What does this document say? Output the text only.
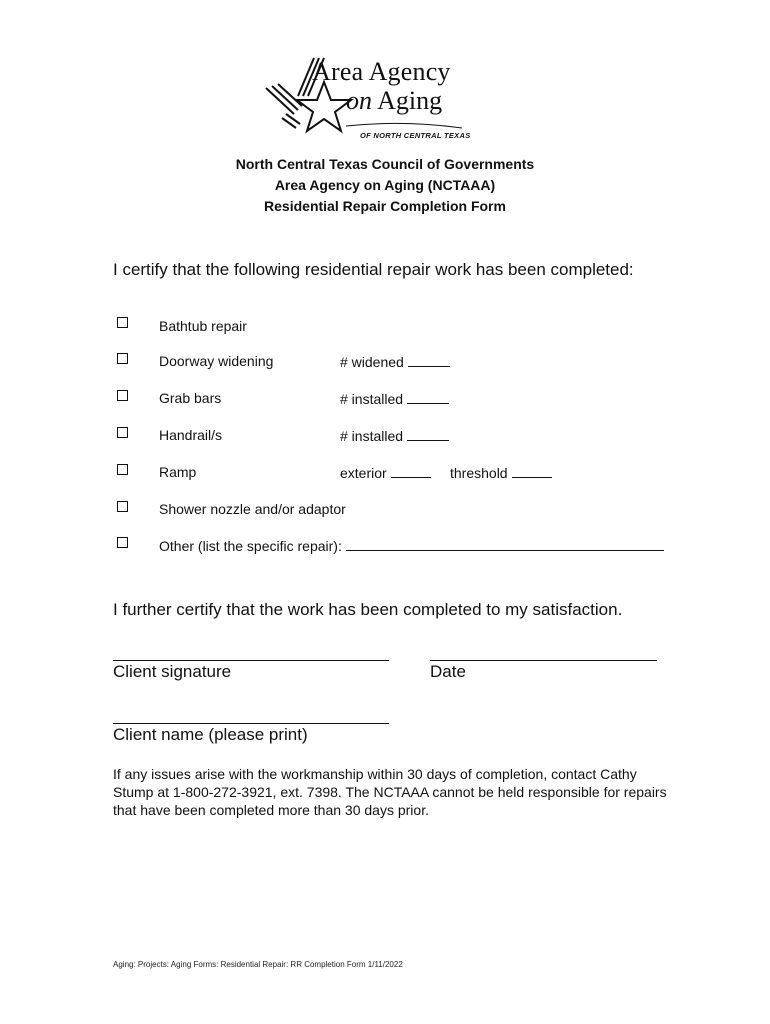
Area Agency
on Aging
OF NORTH CENTRAL TEXAS
North Central Texas Council of Governments
Area Agency on Aging (NCTAAA)
Residential Repair Completion Form
I certify that the following residential repair work has been completed:
Bathtub repair
Doorway widening	# widened
Grab bars	# installed
Handrail/s	# installed
Ramp	exterior	threshold
Shower nozzle and/or adaptor
Other (list the specific repair):
I further certify that the work has been completed to my satisfaction.
Client signature	Date
Client name (please print)
If any issues arise with the workmanship within 30 days of completion, contact Cathy Stump at 1-800-272-3921, ext. 7398. The NCTAAA cannot be held responsible for repairs that have been completed more than 30 days prior.
Aging: Projects: Aging Forms: Residential Repair: RR Completion Form 1/11/2022
